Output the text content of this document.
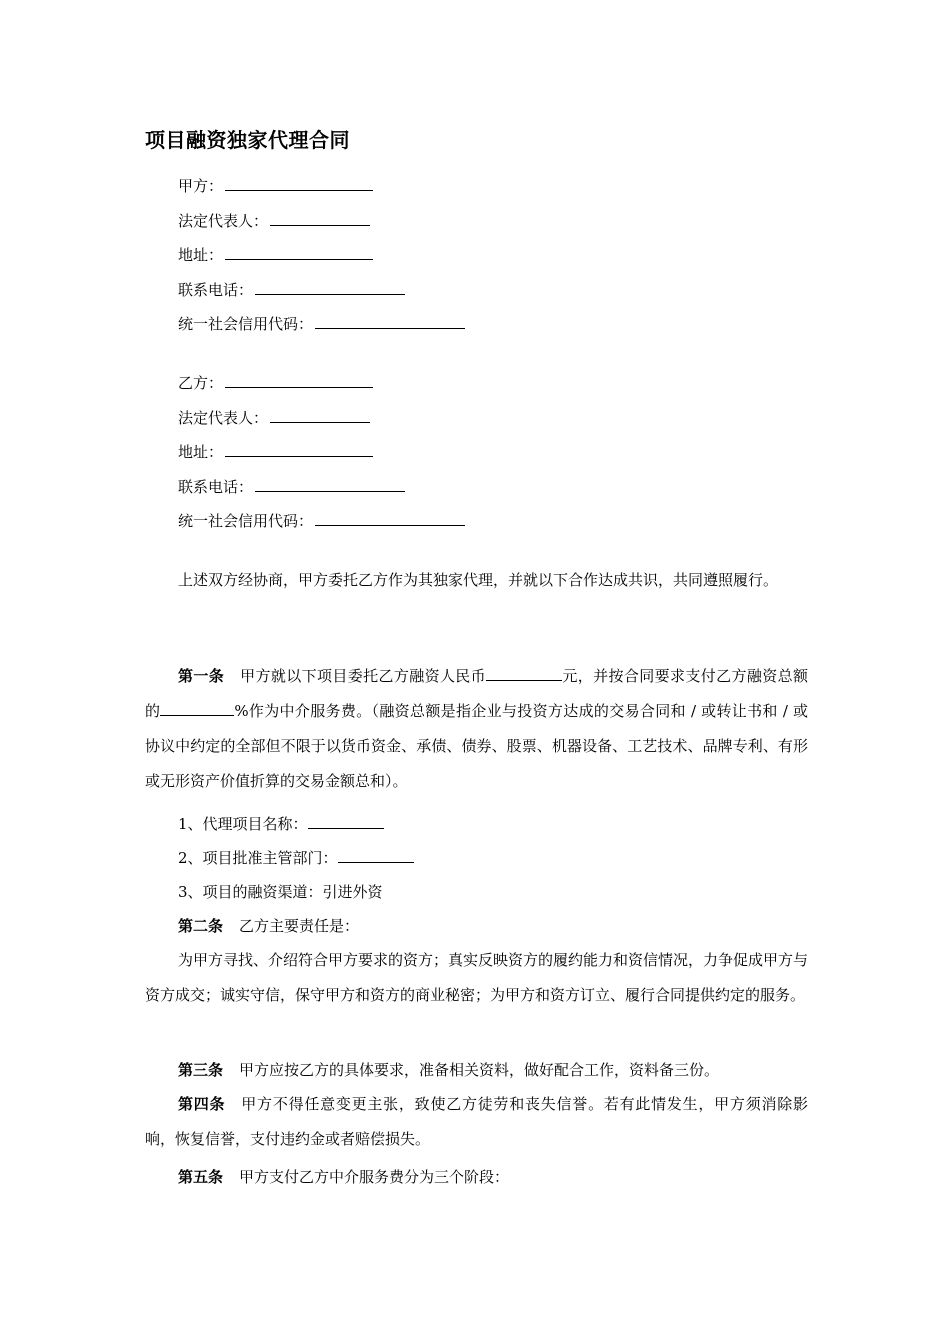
项目融资独家代理合同
甲方：
法定代表人：
地址：
联系电话：
统一社会信用代码：
乙方：
法定代表人：
地址：
联系电话：
统一社会信用代码：
上述双方经协商，甲方委托乙方作为其独家代理，并就以下合作达成共识，共同遵照履行。
第一条 甲方就以下项目委托乙方融资人民币	元，并按合同要求支付乙方融资总额的	%作为中介服务费。（融资总额是指企业与投资方达成的交易合同和 / 或转让书和 / 或协议中约定的全部但不限于以货币资金、承债、债券、股票、机器设备、工艺技术、品牌专利、有形或无形资产价值折算的交易金额总和）。
1、代理项目名称：
2、项目批准主管部门：
3、项目的融资渠道：引进外资
第二条 乙方主要责任是：
为甲方寻找、介绍符合甲方要求的资方；真实反映资方的履约能力和资信情况，力争促成甲方与资方成交；诚实守信，保守甲方和资方的商业秘密；为甲方和资方订立、履行合同提供约定的服务。
第三条 甲方应按乙方的具体要求，准备相关资料，做好配合工作，资料备三份。
第四条 甲方不得任意变更主张，致使乙方徒劳和丧失信誉。若有此情发生，甲方须消除影响，恢复信誉，支付违约金或者赔偿损失。
第五条 甲方支付乙方中介服务费分为三个阶段：
